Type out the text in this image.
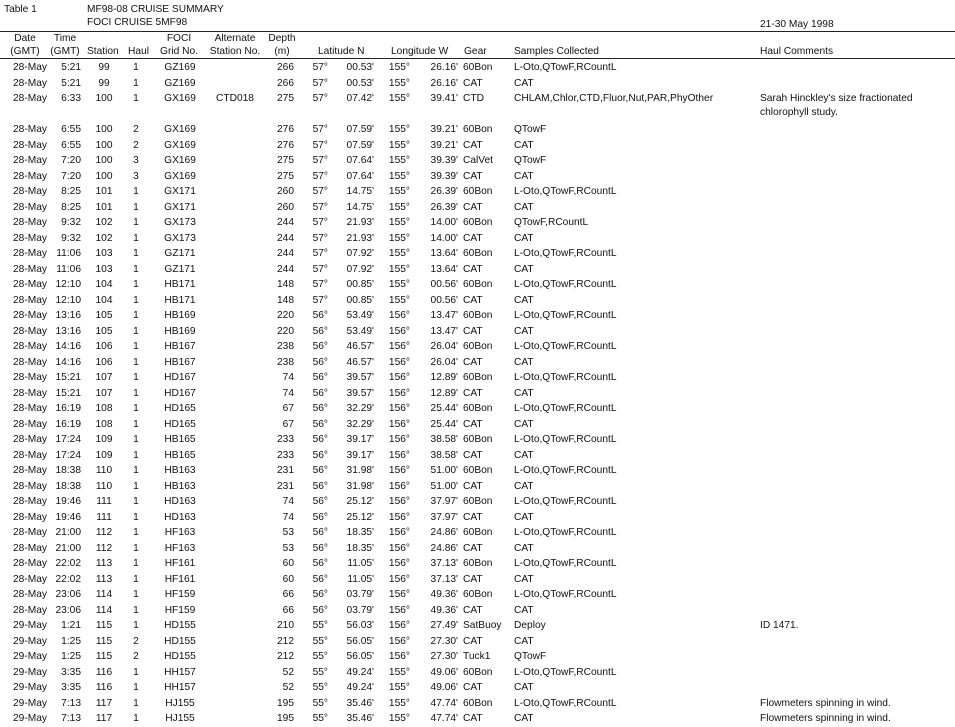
Table 1	MF98-08 CRUISE SUMMARY
FOCI CRUISE 5MF98	21-30 May 1998
Date
(GMT)
Time
(GMT) Station Haul
FOCI
Grid No.
Alternate
Station No.
Depth
(m)	Latitude N	Longitude W Gear	Samples Collected	Haul Comments
28-May	5:21	99	1	GZ169	266	57°	00.53'	155°	26.16' 60Bon	L-Oto,QTowF,RCountL
28-May	5:21	99	1	GZ169	266	57°	00.53'	155°	26.16' CAT	CAT
28-May	6:33	100	1	GX169	CTD018	275	57°	07.42'	155°	39.41' CTD	CHLAM,Chlor,CTD,Fluor,Nut,PAR,PhyOther	Sarah Hinckley's size fractionated
chlorophyll study.
28-May	6:55	100	2	GX169	276	57°	07.59'	155°	39.21' 60Bon	QTowF
28-May	6:55	100	2	GX169	276	57°	07.59'	155°	39.21' CAT	CAT
28-May	7:20	100	3	GX169	275	57°	07.64'	155°	39.39' CalVet	QTowF
28-May	7:20	100	3	GX169	275	57°	07.64'	155°	39.39' CAT	CAT
28-May	8:25	101	1	GX171	260	57°	14.75'	155°	26.39' 60Bon	L-Oto,QTowF,RCountL
28-May	8:25	101	1	GX171	260	57°	14.75'	155°	26.39' CAT	CAT
28-May	9:32	102	1	GX173	244	57°	21.93'	155°	14.00' 60Bon	QTowF,RCountL
28-May	9:32	102	1	GX173	244	57°	21.93'	155°	14.00' CAT	CAT
28-May 11:06	103	1	GZ171	244	57°	07.92'	155°	13.64' 60Bon	L-Oto,QTowF,RCountL
28-May 11:06	103	1	GZ171	244	57°	07.92'	155°	13.64' CAT	CAT
28-May 12:10	104	1	HB171	148	57°	00.85'	155°	00.56' 60Bon	L-Oto,QTowF,RCountL
28-May 12:10	104	1	HB171	148	57°	00.85'	155°	00.56' CAT	CAT
28-May 13:16	105	1	HB169	220	56°	53.49'	156°	13.47' 60Bon	L-Oto,QTowF,RCountL
28-May 13:16	105	1	HB169	220	56°	53.49'	156°	13.47' CAT	CAT
28-May 14:16	106	1	HB167	238	56°	46.57'	156°	26.04' 60Bon	L-Oto,QTowF,RCountL
28-May 14:16	106	1	HB167	238	56°	46.57'	156°	26.04' CAT	CAT
28-May 15:21	107	1	HD167	74	56°	39.57'	156°	12.89' 60Bon	L-Oto,QTowF,RCountL
28-May 15:21	107	1	HD167	74	56°	39.57'	156°	12.89' CAT	CAT
28-May 16:19	108	1	HD165	67	56°	32.29'	156°	25.44' 60Bon	L-Oto,QTowF,RCountL
28-May 16:19	108	1	HD165	67	56°	32.29'	156°	25.44' CAT	CAT
28-May 17:24	109	1	HB165	233	56°	39.17'	156°	38.58' 60Bon	L-Oto,QTowF,RCountL
28-May 17:24	109	1	HB165	233	56°	39.17'	156°	38.58' CAT	CAT
28-May 18:38	110	1	HB163	231	56°	31.98'	156°	51.00' 60Bon	L-Oto,QTowF,RCountL
28-May 18:38	110	1	HB163	231	56°	31.98'	156°	51.00' CAT	CAT
28-May 19:46	111	1	HD163	74	56°	25.12'	156°	37.97' 60Bon	L-Oto,QTowF,RCountL
28-May 19:46	111	1	HD163	74	56°	25.12'	156°	37.97' CAT	CAT
28-May 21:00	112	1	HF163	53	56°	18.35'	156°	24.86' 60Bon	L-Oto,QTowF,RCountL
28-May 21:00	112	1	HF163	53	56°	18.35'	156°	24.86' CAT	CAT
28-May 22:02	113	1	HF161	60	56°	11.05'	156°	37.13' 60Bon	L-Oto,QTowF,RCountL
28-May 22:02	113	1	HF161	60	56°	11.05'	156°	37.13' CAT	CAT
28-May 23:06	114	1	HF159	66	56°	03.79'	156°	49.36' 60Bon	L-Oto,QTowF,RCountL
28-May 23:06	114	1	HF159	66	56°	03.79'	156°	49.36' CAT	CAT
29-May	1:21	115	1	HD155	210	55°	56.03'	156°	27.49' SatBuoy	Deploy	ID 1471.
29-May	1:25	115	2	HD155	212	55°	56.05'	156°	27.30' CAT	CAT
29-May	1:25	115	2	HD155	212	55°	56.05'	156°	27.30' Tuck1	QTowF
29-May	3:35	116	1	HH157	52	55°	49.24'	155°	49.06' 60Bon	L-Oto,QTowF,RCountL
29-May	3:35	116	1	HH157	52	55°	49.24'	155°	49.06' CAT	CAT
29-May	7:13	117	1	HJ155	195	55°	35.46'	155°	47.74' 60Bon	L-Oto,QTowF,RCountL	Flowmeters spinning in wind.
29-May	7:13	117	1	HJ155	195	55°	35.46'	155°	47.74' CAT	CAT	Flowmeters spinning in wind.
